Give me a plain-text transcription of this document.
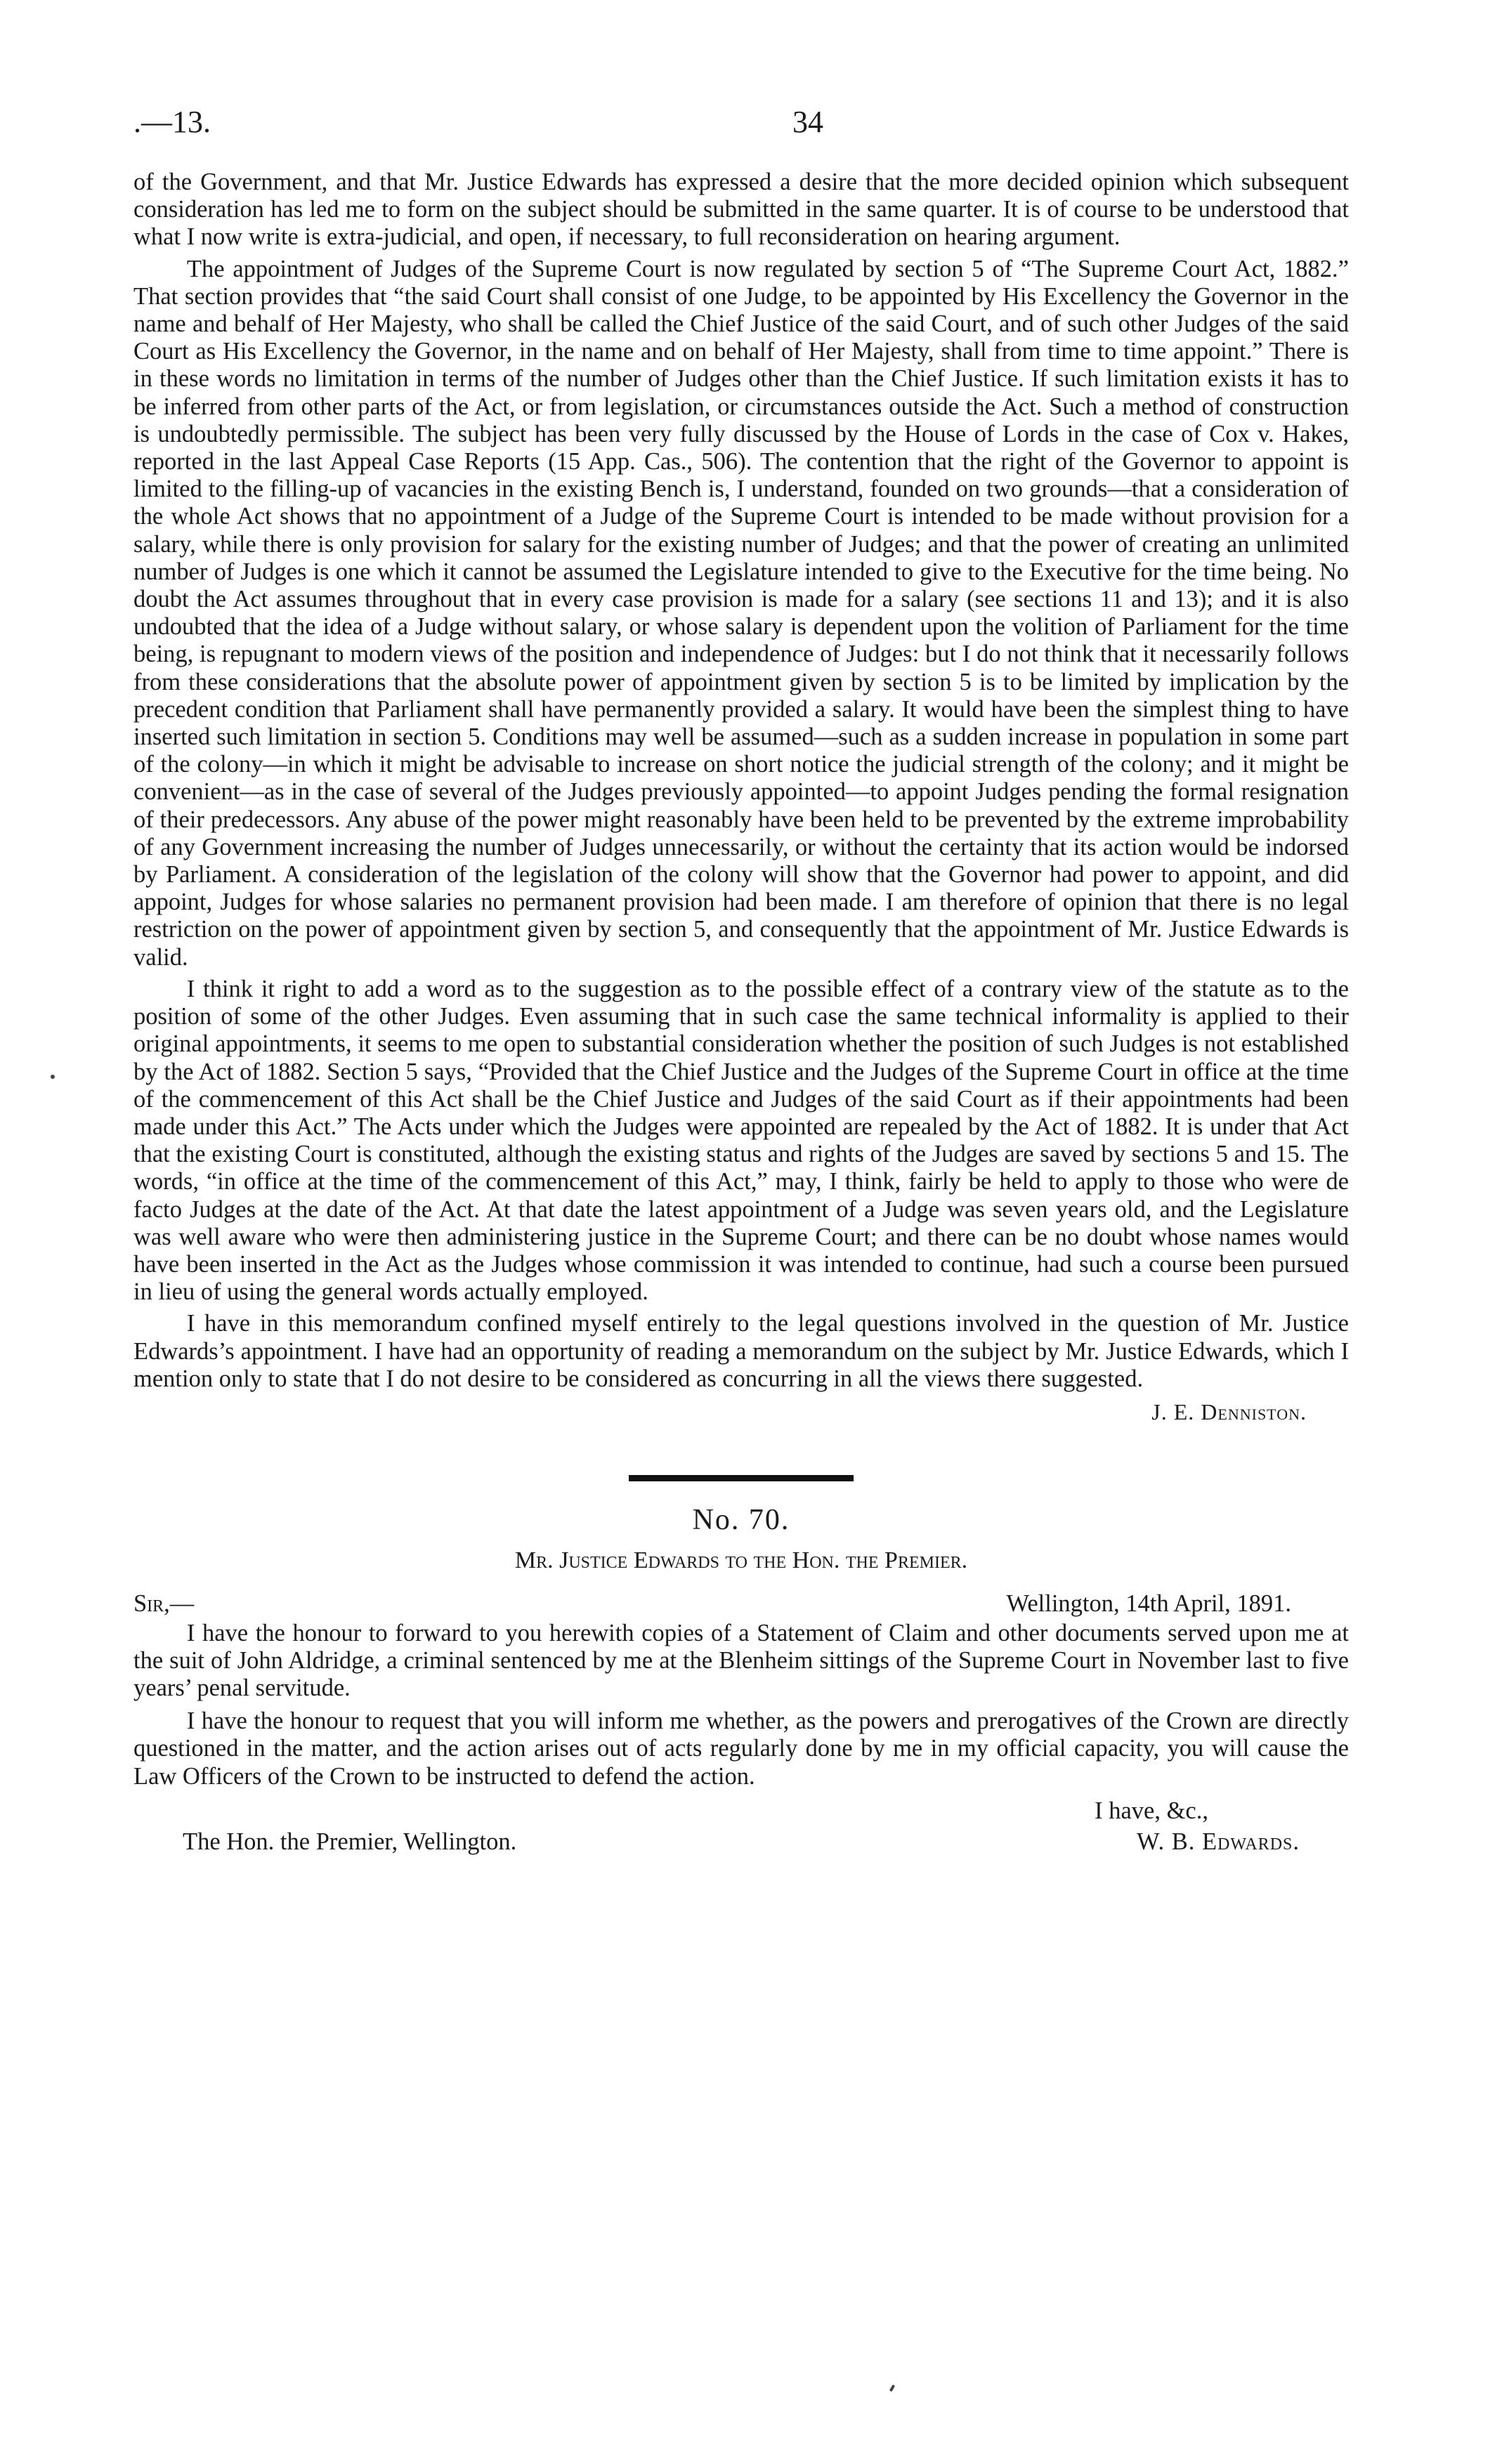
.—13.	34

of the Government, and that Mr. Justice Edwards has expressed a desire that the more decided opinion which subsequent consideration has led me to form on the subject should be submitted in the same quarter. It is of course to be understood that what I now write is extra-judicial, and open, if necessary, to full reconsideration on hearing argument.

The appointment of Judges of the Supreme Court is now regulated by section 5 of “The Supreme Court Act, 1882.” That section provides that “the said Court shall consist of one Judge, to be appointed by His Excellency the Governor in the name and behalf of Her Majesty, who shall be called the Chief Justice of the said Court, and of such other Judges of the said Court as His Excellency the Governor, in the name and on behalf of Her Majesty, shall from time to time appoint.” There is in these words no limitation in terms of the number of Judges other than the Chief Justice. If such limitation exists it has to be inferred from other parts of the Act, or from legislation, or circumstances outside the Act. Such a method of construction is undoubtedly permissible. The subject has been very fully discussed by the House of Lords in the case of Cox v. Hakes, reported in the last Appeal Case Reports (15 App. Cas., 506). The contention that the right of the Governor to appoint is limited to the filling-up of vacancies in the existing Bench is, I understand, founded on two grounds—that a consideration of the whole Act shows that no appointment of a Judge of the Supreme Court is intended to be made without provision for a salary, while there is only provision for salary for the existing number of Judges; and that the power of creating an unlimited number of Judges is one which it cannot be assumed the Legislature intended to give to the Executive for the time being. No doubt the Act assumes throughout that in every case provision is made for a salary (see sections 11 and 13); and it is also undoubted that the idea of a Judge without salary, or whose salary is dependent upon the volition of Parliament for the time being, is repugnant to modern views of the position and independence of Judges: but I do not think that it necessarily follows from these considerations that the absolute power of appointment given by section 5 is to be limited by implication by the precedent condition that Parliament shall have permanently provided a salary. It would have been the simplest thing to have inserted such limitation in section 5. Conditions may well be assumed—such as a sudden increase in population in some part of the colony—in which it might be advisable to increase on short notice the judicial strength of the colony; and it might be convenient—as in the case of several of the Judges previously appointed—to appoint Judges pending the formal resignation of their predecessors. Any abuse of the power might reasonably have been held to be prevented by the extreme improbability of any Government increasing the number of Judges unnecessarily, or without the certainty that its action would be indorsed by Parliament. A consideration of the legislation of the colony will show that the Governor had power to appoint, and did appoint, Judges for whose salaries no permanent provision had been made. I am therefore of opinion that there is no legal restriction on the power of appointment given by section 5, and consequently that the appointment of Mr. Justice Edwards is valid.

I think it right to add a word as to the suggestion as to the possible effect of a contrary view of the statute as to the position of some of the other Judges. Even assuming that in such case the same technical informality is applied to their original appointments, it seems to me open to substantial consideration whether the position of such Judges is not established by the Act of 1882. Section 5 says, “Provided that the Chief Justice and the Judges of the Supreme Court in office at the time of the commencement of this Act shall be the Chief Justice and Judges of the said Court as if their appointments had been made under this Act.” The Acts under which the Judges were appointed are repealed by the Act of 1882. It is under that Act that the existing Court is constituted, although the existing status and rights of the Judges are saved by sections 5 and 15. The words, “in office at the time of the commencement of this Act,” may, I think, fairly be held to apply to those who were de facto Judges at the date of the Act. At that date the latest appointment of a Judge was seven years old, and the Legislature was well aware who were then administering justice in the Supreme Court; and there can be no doubt whose names would have been inserted in the Act as the Judges whose commission it was intended to continue, had such a course been pursued in lieu of using the general words actually employed.

I have in this memorandum confined myself entirely to the legal questions involved in the question of Mr. Justice Edwards’s appointment. I have had an opportunity of reading a memorandum on the subject by Mr. Justice Edwards, which I mention only to state that I do not desire to be considered as concurring in all the views there suggested.

J. E. Denniston.
No. 70.
Mr. Justice Edwards to the Hon. the Premier.
Sir,—	Wellington, 14th April, 1891.

I have the honour to forward to you herewith copies of a Statement of Claim and other documents served upon me at the suit of John Aldridge, a criminal sentenced by me at the Blenheim sittings of the Supreme Court in November last to five years’ penal servitude.

I have the honour to request that you will inform me whether, as the powers and prerogatives of the Crown are directly questioned in the matter, and the action arises out of acts regularly done by me in my official capacity, you will cause the Law Officers of the Crown to be instructed to defend the action.

I have, &c.,
The Hon. the Premier, Wellington.	W. B. Edwards.
